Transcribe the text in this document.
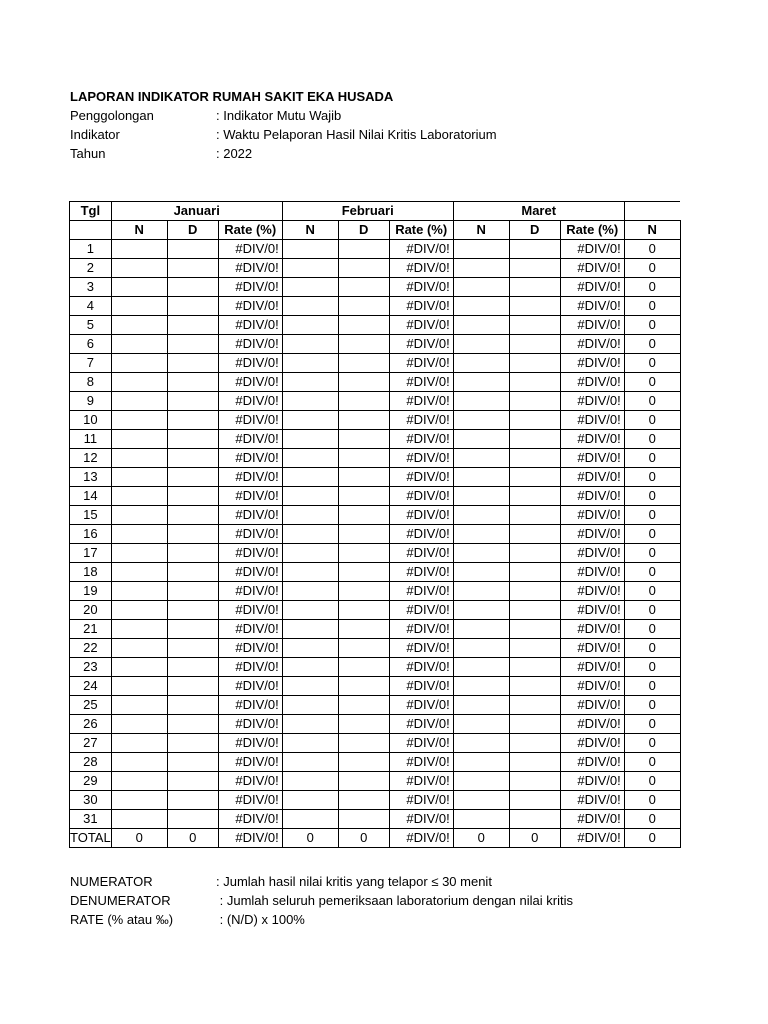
LAPORAN INDIKATOR RUMAH SAKIT EKA HUSADA
Penggolongan	: Indikator Mutu Wajib
Indikator	: Waktu Pelaporan Hasil Nilai Kritis Laboratorium
Tahun	: 2022
Tgl	Januari			Februari			Maret			
	N	D	Rate (%)	N	D	Rate (%)	N	D	Rate (%)	N
1			#DIV/0!			#DIV/0!			#DIV/0!	0
2			#DIV/0!			#DIV/0!			#DIV/0!	0
3			#DIV/0!			#DIV/0!			#DIV/0!	0
4			#DIV/0!			#DIV/0!			#DIV/0!	0
5			#DIV/0!			#DIV/0!			#DIV/0!	0
6			#DIV/0!			#DIV/0!			#DIV/0!	0
7			#DIV/0!			#DIV/0!			#DIV/0!	0
8			#DIV/0!			#DIV/0!			#DIV/0!	0
9			#DIV/0!			#DIV/0!			#DIV/0!	0
10			#DIV/0!			#DIV/0!			#DIV/0!	0
11			#DIV/0!			#DIV/0!			#DIV/0!	0
12			#DIV/0!			#DIV/0!			#DIV/0!	0
13			#DIV/0!			#DIV/0!			#DIV/0!	0
14			#DIV/0!			#DIV/0!			#DIV/0!	0
15			#DIV/0!			#DIV/0!			#DIV/0!	0
16			#DIV/0!			#DIV/0!			#DIV/0!	0
17			#DIV/0!			#DIV/0!			#DIV/0!	0
18			#DIV/0!			#DIV/0!			#DIV/0!	0
19			#DIV/0!			#DIV/0!			#DIV/0!	0
20			#DIV/0!			#DIV/0!			#DIV/0!	0
21			#DIV/0!			#DIV/0!			#DIV/0!	0
22			#DIV/0!			#DIV/0!			#DIV/0!	0
23			#DIV/0!			#DIV/0!			#DIV/0!	0
24			#DIV/0!			#DIV/0!			#DIV/0!	0
25			#DIV/0!			#DIV/0!			#DIV/0!	0
26			#DIV/0!			#DIV/0!			#DIV/0!	0
27			#DIV/0!			#DIV/0!			#DIV/0!	0
28			#DIV/0!			#DIV/0!			#DIV/0!	0
29			#DIV/0!			#DIV/0!			#DIV/0!	0
30			#DIV/0!			#DIV/0!			#DIV/0!	0
31			#DIV/0!			#DIV/0!			#DIV/0!	0
TOTAL	0	0	#DIV/0!	0	0	#DIV/0!	0	0	#DIV/0!	0
NUMERATOR	: Jumlah hasil nilai kritis yang telapor ≤ 30 menit
DENUMERATOR	: Jumlah seluruh pemeriksaan laboratorium dengan nilai kritis
RATE (% atau ‰)	: (N/D) x 100%
